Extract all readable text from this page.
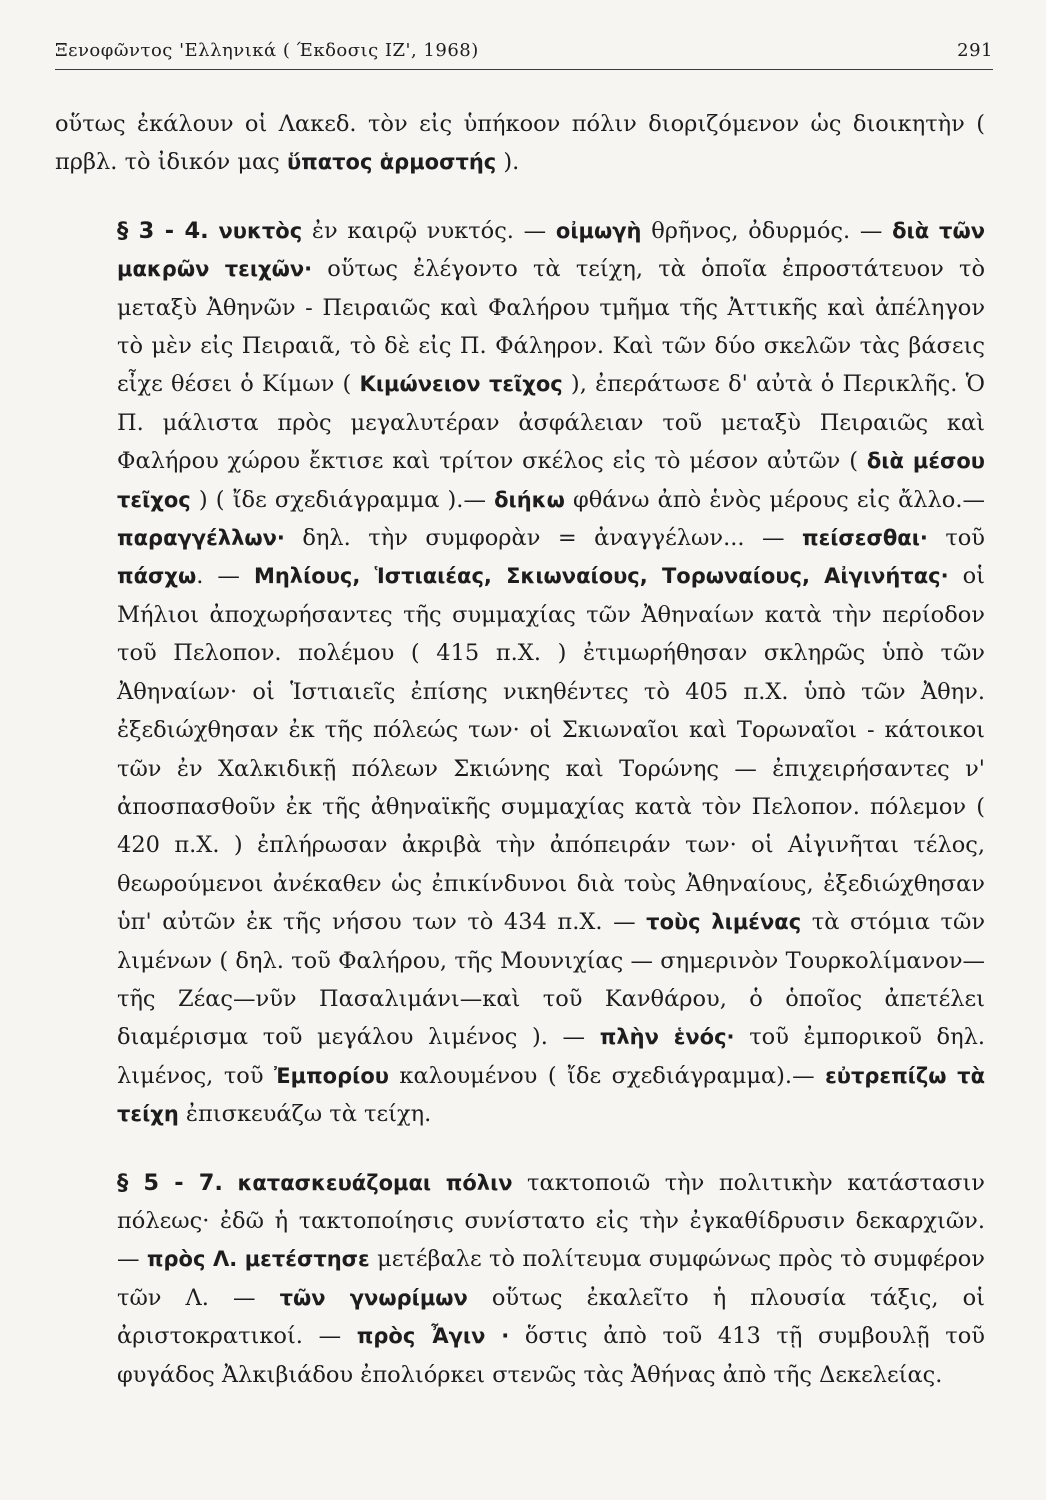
Ξενοφῶντος 'Ελληνικά ( Έκδοσις ΙΖ', 1968)	291

οὕτως ἐκάλουν οἱ Λακεδ. τὸν εἰς ὑπήκοον πόλιν διοριζόμενον ὡς διοικητὴν ( πρβλ. τὸ ἰδικόν μας ὕπατος ἁρμοστής ).

§ 3 - 4. νυκτὸς ἐν καιρῷ νυκτός. — οἰμωγὴ θρῆνος, ὀδυρμός. — διὰ τῶν μακρῶν τειχῶν· οὕτως ἐλέγοντο τὰ τείχη, τὰ ὁποῖα ἐπροστάτευον τὸ μεταξὺ Ἀθηνῶν - Πειραιῶς καὶ Φαλήρου τμῆμα τῆς Ἀττικῆς καὶ ἀπέληγον τὸ μὲν εἰς Πειραιᾶ, τὸ δὲ εἰς Π. Φάληρον. Καὶ τῶν δύο σκελῶν τὰς βάσεις εἶχε θέσει ὁ Κίμων ( Κιμώνειον τεῖχος ), ἐπεράτωσε δ' αὐτὰ ὁ Περικλῆς. Ὁ Π. μάλιστα πρὸς μεγαλυτέραν ἀσφάλειαν τοῦ μεταξὺ Πειραιῶς καὶ Φαλήρου χώρου ἔκτισε καὶ τρίτον σκέλος εἰς τὸ μέσον αὐτῶν ( διὰ μέσου τεῖχος ) ( ἴδε σχεδιάγραμμα ).— διήκω φθάνω ἀπὸ ἑνὸς μέρους εἰς ἄλλο.— παραγγέλλων· δηλ. τὴν συμφορὰν = ἀναγγέλων... — πείσεσθαι· τοῦ πάσχω. — Μηλίους, Ἱστιαιέας, Σκιωναίους, Τορωναίους, Αἰγινήτας· οἱ Μήλιοι ἀποχωρήσαντες τῆς συμμαχίας τῶν Ἀθηναίων κατὰ τὴν περίοδον τοῦ Πελοπον. πολέμου ( 415 π.Χ. ) ἐτιμωρήθησαν σκληρῶς ὑπὸ τῶν Ἀθηναίων· οἱ Ἱστιαιεῖς ἐπίσης νικηθέντες τὸ 405 π.Χ. ὑπὸ τῶν Ἀθην. ἐξεδιώχθησαν ἐκ τῆς πόλεώς των· οἱ Σκιωναῖοι καὶ Τορωναῖοι - κάτοικοι τῶν ἐν Χαλκιδικῇ πόλεων Σκιώνης καὶ Τορώνης — ἐπιχειρήσαντες ν' ἀποσπασθοῦν ἐκ τῆς ἀθηναϊκῆς συμμαχίας κατὰ τὸν Πελοπον. πόλεμον ( 420 π.Χ. ) ἐπλήρωσαν ἀκριβὰ τὴν ἀπόπειράν των· οἱ Αἰγινῆται τέλος, θεωρούμενοι ἀνέκαθεν ὡς ἐπικίνδυνοι διὰ τοὺς Ἀθηναίους, ἐξεδιώχθησαν ὑπ' αὐτῶν ἐκ τῆς νήσου των τὸ 434 π.Χ. — τοὺς λιμένας τὰ στόμια τῶν λιμένων ( δηλ. τοῦ Φαλήρου, τῆς Μουνιχίας — σημερινὸν Τουρκολίμανον—τῆς Ζέας—νῦν Πασαλιμάνι—καὶ τοῦ Κανθάρου, ὁ ὁποῖος ἀπετέλει διαμέρισμα τοῦ μεγάλου λιμένος ). — πλὴν ἑνός· τοῦ ἐμπορικοῦ δηλ. λιμένος, τοῦ Ἐμπορίου καλουμένου ( ἴδε σχεδιάγραμμα).— εὐτρεπίζω τὰ τείχη ἐπισκευάζω τὰ τείχη.

§ 5 - 7. κατασκευάζομαι πόλιν τακτοποιῶ τὴν πολιτικὴν κατάστασιν πόλεως· ἐδῶ ἡ τακτοποίησις συνίστατο εἰς τὴν ἐγκαθίδρυσιν δεκαρχιῶν. — πρὸς Λ. μετέστησε μετέβαλε τὸ πολίτευμα συμφώνως πρὸς τὸ συμφέρον τῶν Λ. — τῶν γνωρίμων οὕτως ἐκαλεῖτο ἡ πλουσία τάξις, οἱ ἀριστοκρατικοί. — πρὸς Ἆγιν · ὅστις ἀπὸ τοῦ 413 τῇ συμβουλῇ τοῦ φυγάδος Ἀλκιβιάδου ἐπολιόρκει στενῶς τὰς Ἀθήνας ἀπὸ τῆς Δεκελείας.
